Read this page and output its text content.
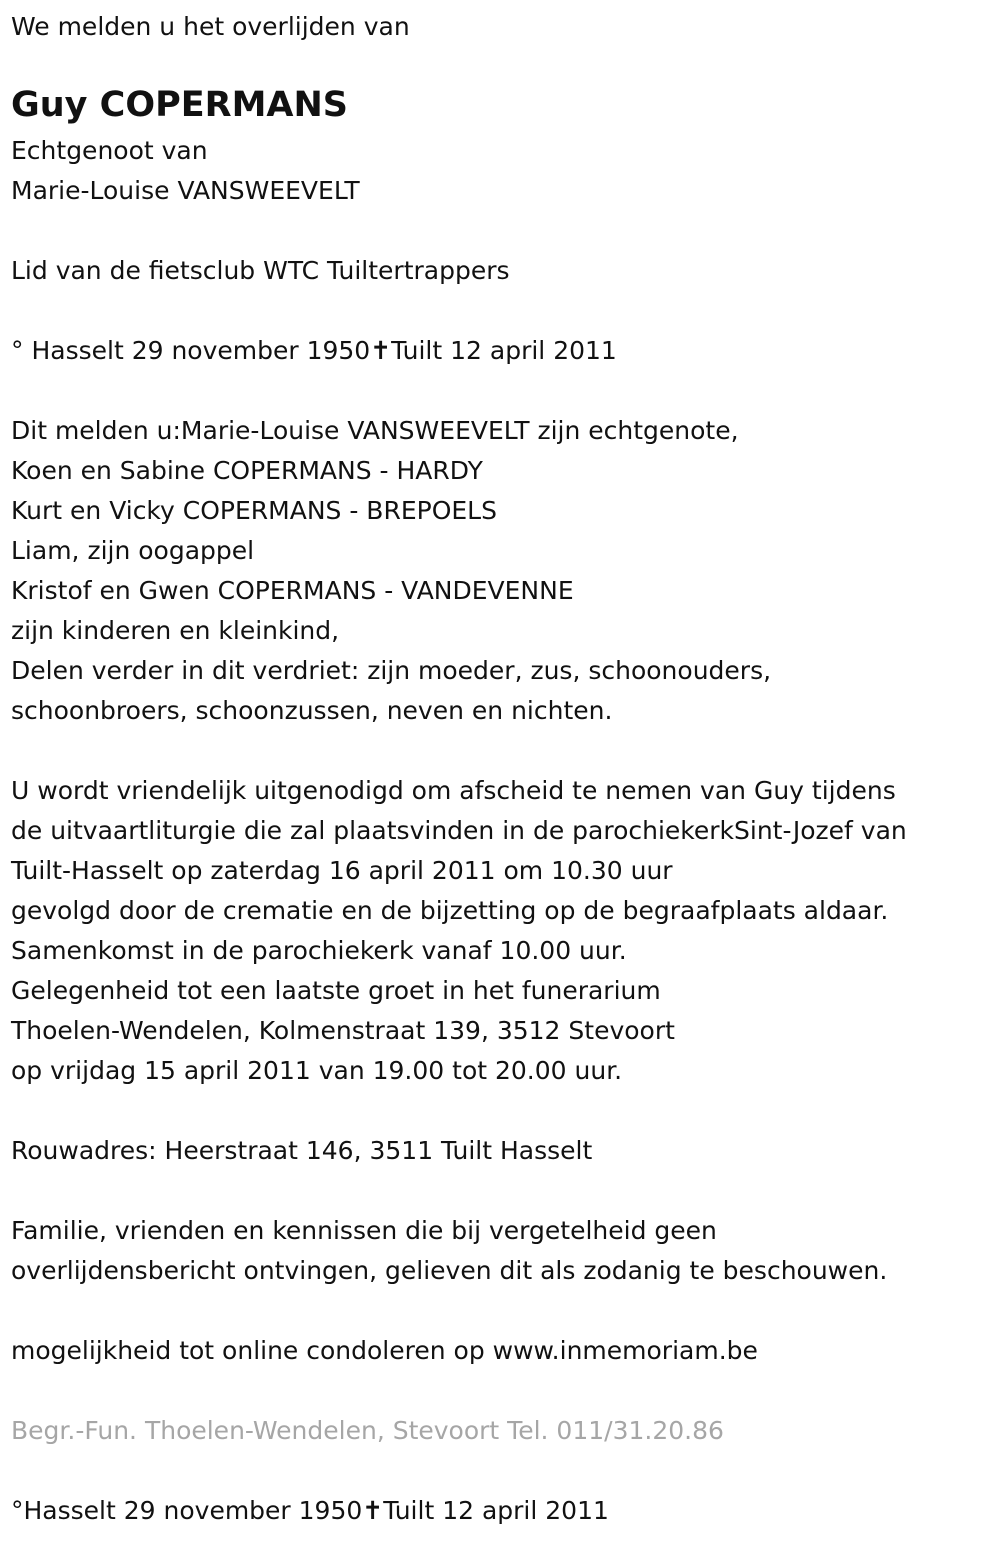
We melden u het overlijden van
Guy COPERMANS
Echtgenoot van
Marie-Louise VANSWEEVELT
Lid van de fietsclub WTC Tuiltertrappers
° Hasselt 29 november 1950✝Tuilt 12 april 2011
Dit melden u:Marie-Louise VANSWEEVELT zijn echtgenote,
Koen en Sabine COPERMANS - HARDY
Kurt en Vicky COPERMANS - BREPOELS
Liam, zijn oogappel
Kristof en Gwen COPERMANS - VANDEVENNE
zijn kinderen en kleinkind,
Delen verder in dit verdriet: zijn moeder, zus, schoonouders,
schoonbroers, schoonzussen, neven en nichten.
U wordt vriendelijk uitgenodigd om afscheid te nemen van Guy tijdens
de uitvaartliturgie die zal plaatsvinden in de parochiekerkSint-Jozef van
Tuilt-Hasselt op zaterdag 16 april 2011 om 10.30 uur
gevolgd door de crematie en de bijzetting op de begraafplaats aldaar.
Samenkomst in de parochiekerk vanaf 10.00 uur.
Gelegenheid tot een laatste groet in het funerarium
Thoelen-Wendelen, Kolmenstraat 139, 3512 Stevoort
op vrijdag 15 april 2011 van 19.00 tot 20.00 uur.
Rouwadres: Heerstraat 146, 3511 Tuilt Hasselt
Familie, vrienden en kennissen die bij vergetelheid geen
overlijdensbericht ontvingen, gelieven dit als zodanig te beschouwen.
mogelijkheid tot online condoleren op www.inmemoriam.be
Begr.-Fun. Thoelen-Wendelen, Stevoort Tel. 011/31.20.86
°Hasselt 29 november 1950✝Tuilt 12 april 2011
